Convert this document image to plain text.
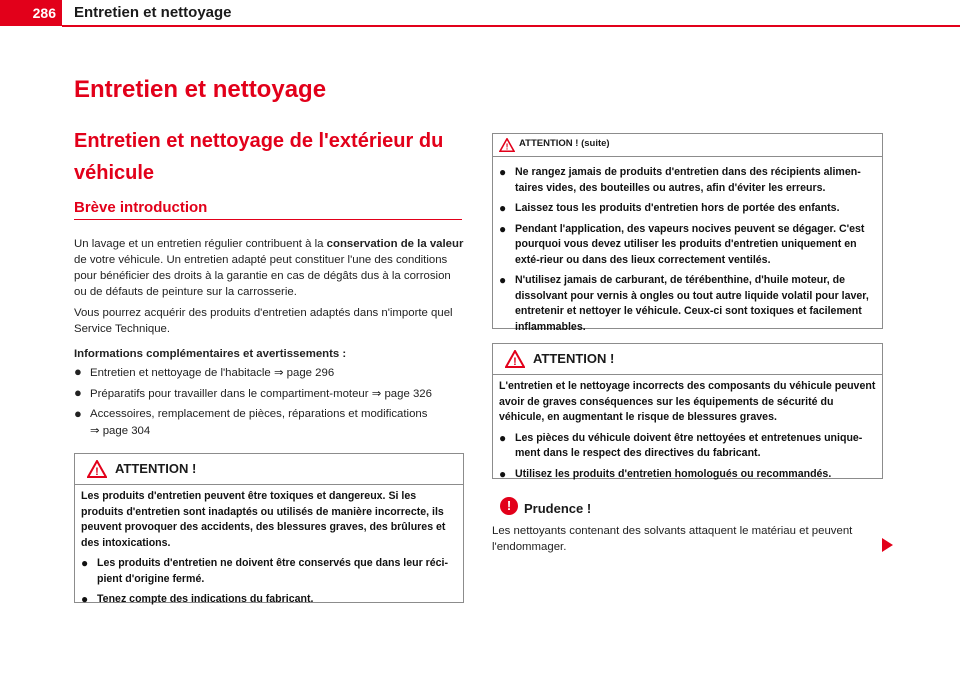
286	Entretien et nettoyage
Entretien et nettoyage
Entretien et nettoyage de l'extérieur du véhicule
Brève introduction
Un lavage et un entretien régulier contribuent à la conservation de la valeur de votre véhicule. Un entretien adapté peut constituer l'une des conditions pour bénéficier des droits à la garantie en cas de dégâts dus à la corrosion ou de défauts de peinture sur la carrosserie.
Vous pourrez acquérir des produits d'entretien adaptés dans n'importe quel Service Technique.
Informations complémentaires et avertissements :
● Entretien et nettoyage de l'habitacle ⇒ page 296
● Préparatifs pour travailler dans le compartiment-moteur ⇒ page 326
● Accessoires, remplacement de pièces, réparations et modifications
⇒ page 304
! ATTENTION !

Les produits d'entretien peuvent être toxiques et dangereux. Si les produits d'entretien sont inadaptés ou utilisés de manière incorrecte, ils peuvent provoquer des accidents, des blessures graves, des brûlures et des intoxications.

● Les produits d'entretien ne doivent être conservés que dans leur réci-pient d'origine fermé.
● Tenez compte des indications du fabricant.
! ATTENTION ! (suite)
● Ne rangez jamais de produits d'entretien dans des récipients alimen-taires vides, des bouteilles ou autres, afin d'éviter les erreurs.
● Laissez tous les produits d'entretien hors de portée des enfants.
● Pendant l'application, des vapeurs nocives peuvent se dégager. C'est pourquoi vous devez utiliser les produits d'entretien uniquement en exté-rieur ou dans des lieux correctement ventilés.
● N'utilisez jamais de carburant, de térébenthine, d'huile moteur, de dissolvant pour vernis à ongles ou tout autre liquide volatil pour laver, entretenir et nettoyer le véhicule. Ceux-ci sont toxiques et facilement inflammables.
! ATTENTION !

L'entretien et le nettoyage incorrects des composants du véhicule peuvent avoir de graves conséquences sur les équipements de sécurité du véhicule, en augmentant le risque de blessures graves.

● Les pièces du véhicule doivent être nettoyées et entretenues unique-ment dans le respect des directives du fabricant.
● Utilisez les produits d'entretien homologués ou recommandés.
! Prudence !
Les nettoyants contenant des solvants attaquent le matériau et peuvent l'endommager.
